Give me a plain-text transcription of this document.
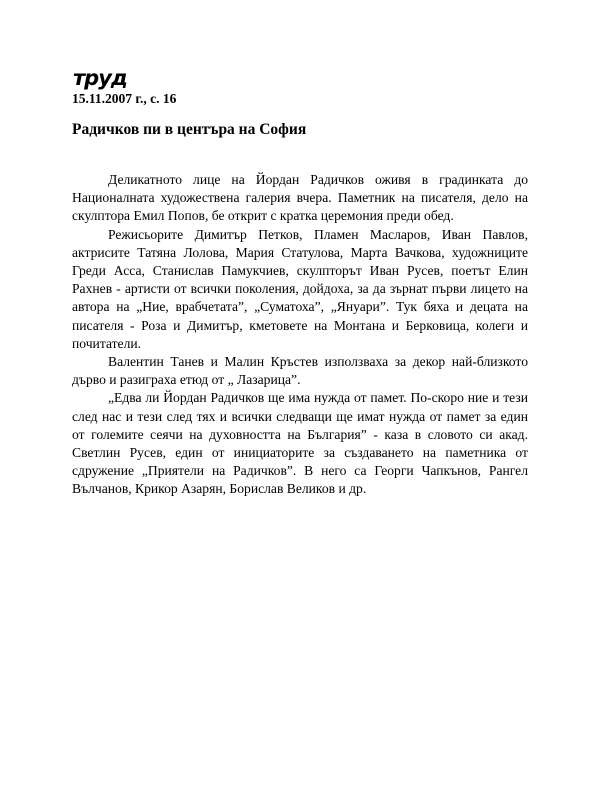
труд
15.11.2007 г., с. 16
Радичков пи в центъра на София

Деликатното лице на Йордан Радичков оживя в градинката до Националната художествена галерия вчера. Паметник на писателя, дело на скулптора Емил Попов, бе открит с кратка церемония преди обед.

Режисьорите Димитър Петков, Пламен Масларов, Иван Павлов, актрисите Татяна Лолова, Мария Статулова, Марта Вачкова, художниците Греди Асса, Станислав Памукчиев, скулпторът Иван Русев, поетът Елин Рахнев - артисти от всички поколения, дойдоха, за да зърнат първи лицето на автора на „Ние, врабчетата”, „Суматоха”, „Януари”. Тук бяха и децата на писателя - Роза и Димитър, кметовете на Монтана и Берковица, колеги и почитатели.

Валентин Танев и Малин Кръстев използваха за декор най-близкото дърво и разиграха етюд от „ Лазарица”.

„Едва ли Йордан Радичков ще има нужда от памет. По-скоро ние и тези след нас и тези след тях и всички следващи ще имат нужда от памет за един от големите сеячи на духовността на България” - каза в словото си акад. Светлин Русев, един от инициаторите за създаването на паметника от сдружение „Приятели на Радичков”. В него са Георги Чапкънов, Рангел Вълчанов, Крикор Азарян, Борислав Великов и др.
